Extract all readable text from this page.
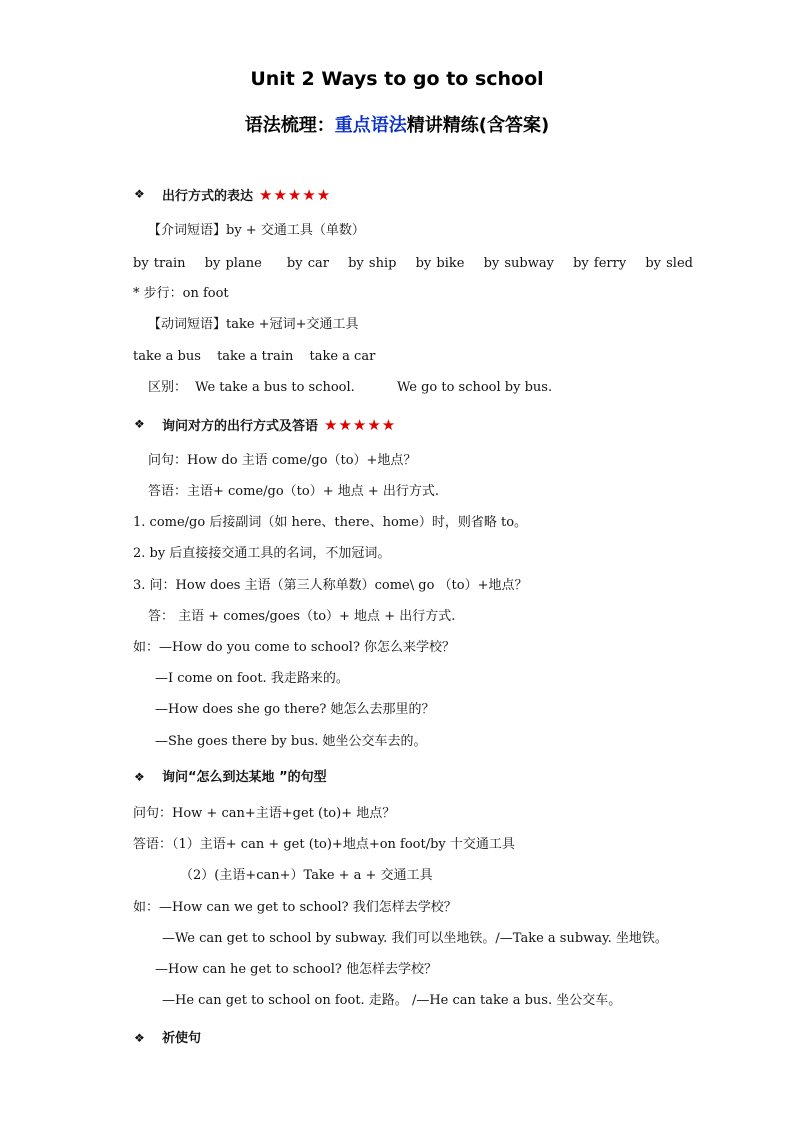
Unit 2 Ways to go to school
语法梳理：重点语法精讲精练(含答案)
❖ 出行方式的表达 ★★★★★
【介词短语】by + 交通工具（单数）
by train by plane by car by ship by bike by subway by ferry by sled
* 步行：on foot
【动词短语】take +冠词+交通工具
take a bus take a train take a car
区别： We take a bus to school.	We go to school by bus.
❖ 询问对方的出行方式及答语 ★★★★★
问句：How do 主语 come/go（to）+地点？
答语：主语+ come/go（to）+ 地点 + 出行方式.
1. come/go 后接副词（如 here、there、home）时，则省略 to。
2. by 后直接接交通工具的名词，不加冠词。
3. 问：How does 主语（第三人称单数）come\ go （to）+地点？
答： 主语 + comes/goes（to）+ 地点 + 出行方式.
如：—How do you come to school? 你怎么来学校？
—I come on foot. 我走路来的。
—How does she go there? 她怎么去那里的？
—She goes there by bus. 她坐公交车去的。
❖ 询问“怎么到达某地 ”的句型
问句：How + can+主语+get (to)+ 地点？
答语：（1）主语+ can + get (to)+地点+on foot/by 十交通工具
（2）(主语+can+）Take + a + 交通工具
如：—How can we get to school? 我们怎样去学校？
—We can get to school by subway. 我们可以坐地铁。/—Take a subway. 坐地铁。
—How can he get to school? 他怎样去学校？
—He can get to school on foot. 走路。 /—He can take a bus. 坐公交车。
❖ 祈使句
